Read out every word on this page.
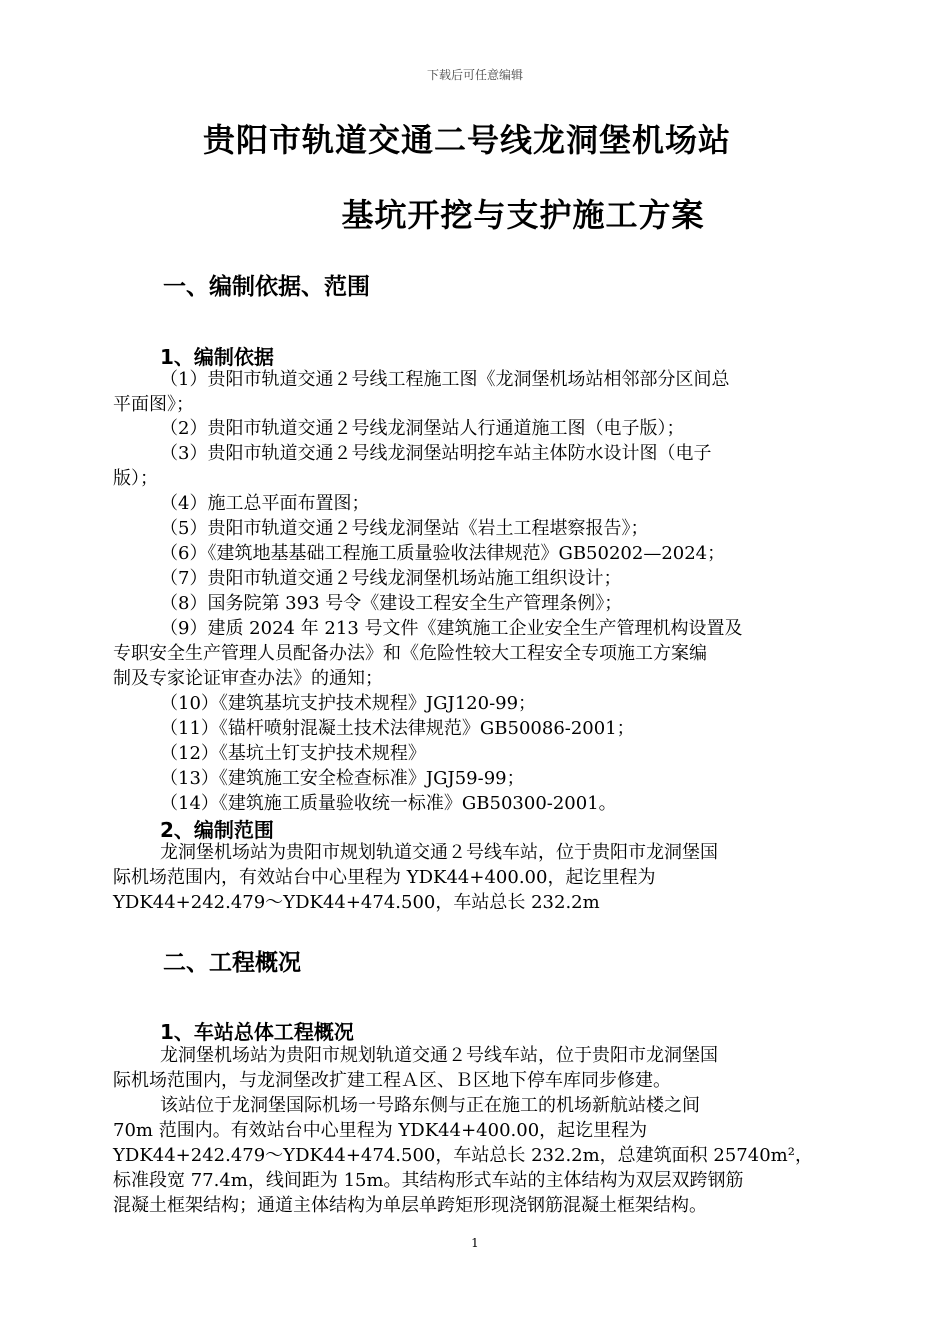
下载后可任意编辑
贵阳市轨道交通二号线龙洞堡机场站
基坑开挖与支护施工方案
一、编制依据、范围
1、编制依据
（1）贵阳市轨道交通２号线工程施工图《龙洞堡机场站相邻部分区间总
平面图》；
（2）贵阳市轨道交通２号线龙洞堡站人行通道施工图（电子版）；
（3）贵阳市轨道交通２号线龙洞堡站明挖车站主体防水设计图（电子
版）；
（4）施工总平面布置图；
（5）贵阳市轨道交通２号线龙洞堡站《岩土工程堪察报告》；
（6）《建筑地基基础工程施工质量验收法律规范》GB50202—2024；
（7）贵阳市轨道交通２号线龙洞堡机场站施工组织设计；
（8）国务院第 393 号令《建设工程安全生产管理条例》；
（9）建质 2024 年 213 号文件《建筑施工企业安全生产管理机构设置及
专职安全生产管理人员配备办法》和《危险性较大工程安全专项施工方案编
制及专家论证审查办法》的通知；
（10）《建筑基坑支护技术规程》JGJ120-99；
（11）《锚杆喷射混凝土技术法律规范》GB50086-2001；
（12）《基坑土钉支护技术规程》
（13）《建筑施工安全检查标准》JGJ59-99；
（14）《建筑施工质量验收统一标准》GB50300-2001。
2、编制范围
龙洞堡机场站为贵阳市规划轨道交通２号线车站，位于贵阳市龙洞堡国
际机场范围内，有效站台中心里程为 YDK44+400.00，起讫里程为
YDK44+242.479～YDK44+474.500，车站总长 232.2m
二、工程概况
1、车站总体工程概况
龙洞堡机场站为贵阳市规划轨道交通２号线车站，位于贵阳市龙洞堡国
际机场范围内，与龙洞堡改扩建工程Ａ区、Ｂ区地下停车库同步修建。
该站位于龙洞堡国际机场一号路东侧与正在施工的机场新航站楼之间
70m 范围内。有效站台中心里程为 YDK44+400.00，起讫里程为
YDK44+242.479～YDK44+474.500，车站总长 232.2m，总建筑面积 25740m²，
标准段宽 77.4m，线间距为 15m。其结构形式车站的主体结构为双层双跨钢筋
混凝土框架结构；通道主体结构为单层单跨矩形现浇钢筋混凝土框架结构。
1
